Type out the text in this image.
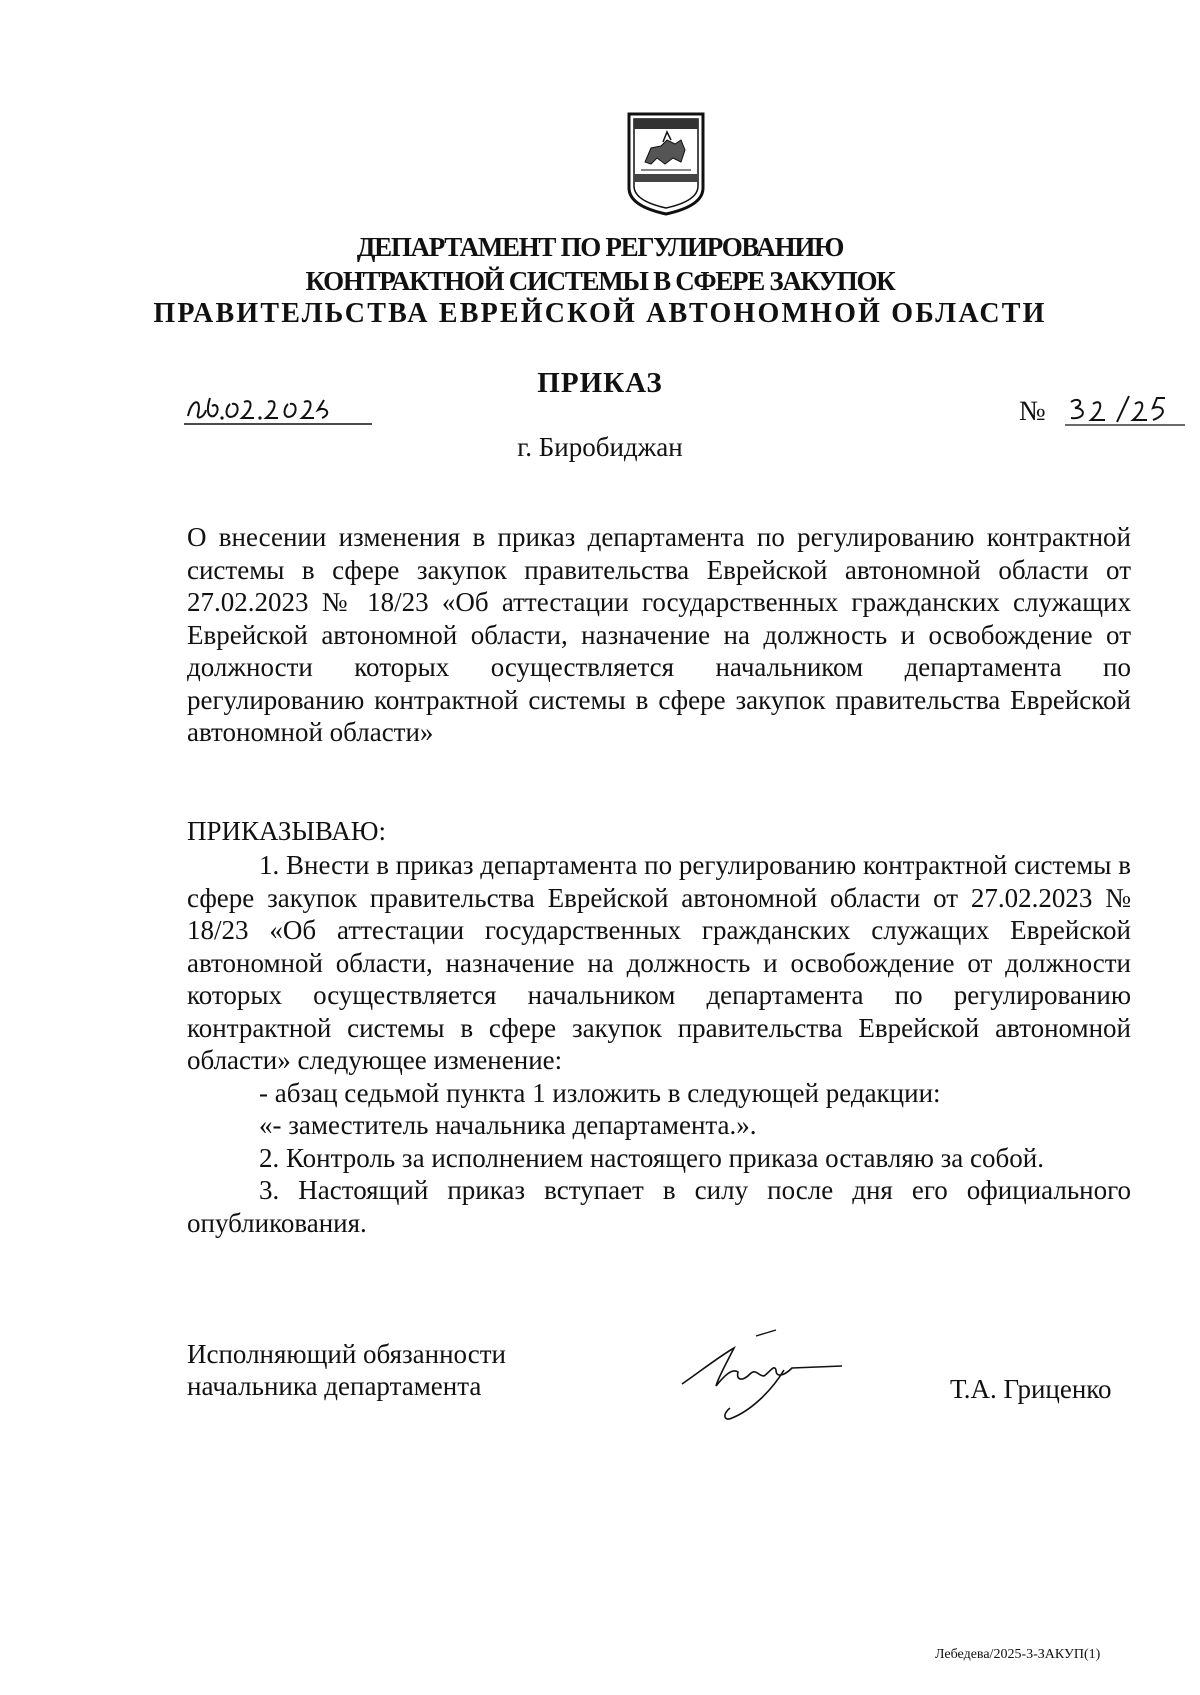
ДЕПАРТАМЕНТ ПО РЕГУЛИРОВАНИЮ
КОНТРАКТНОЙ СИСТЕМЫ В СФЕРЕ ЗАКУПОК
ПРАВИТЕЛЬСТВА ЕВРЕЙСКОЙ АВТОНОМНОЙ ОБЛАСТИ
ПРИКАЗ
№
г. Биробиджан

О внесении изменения в приказ департамента по регулированию контрактной системы в сфере закупок правительства Еврейской автономной области от 27.02.2023 № 18/23 «Об аттестации государственных гражданских служащих Еврейской автономной области, назначение на должность и освобождение от должности которых осуществляется начальником департамента по регулированию контрактной системы в сфере закупок правительства Еврейской автономной области»

ПРИКАЗЫВАЮ:

1. Внести в приказ департамента по регулированию контрактной системы в сфере закупок правительства Еврейской автономной области от 27.02.2023 № 18/23 «Об аттестации государственных гражданских служащих Еврейской автономной области, назначение на должность и освобождение от должности которых осуществляется начальником департамента по регулированию контрактной системы в сфере закупок правительства Еврейской автономной области» следующее изменение:

- абзац седьмой пункта 1 изложить в следующей редакции:

«- заместитель начальника департамента.».

2. Контроль за исполнением настоящего приказа оставляю за собой.

3. Настоящий приказ вступает в силу после дня его официального опубликования.

Исполняющий обязанности
начальника департамента	Т.А. Гриценко
Лебедева/2025-3-ЗАКУП(1)
